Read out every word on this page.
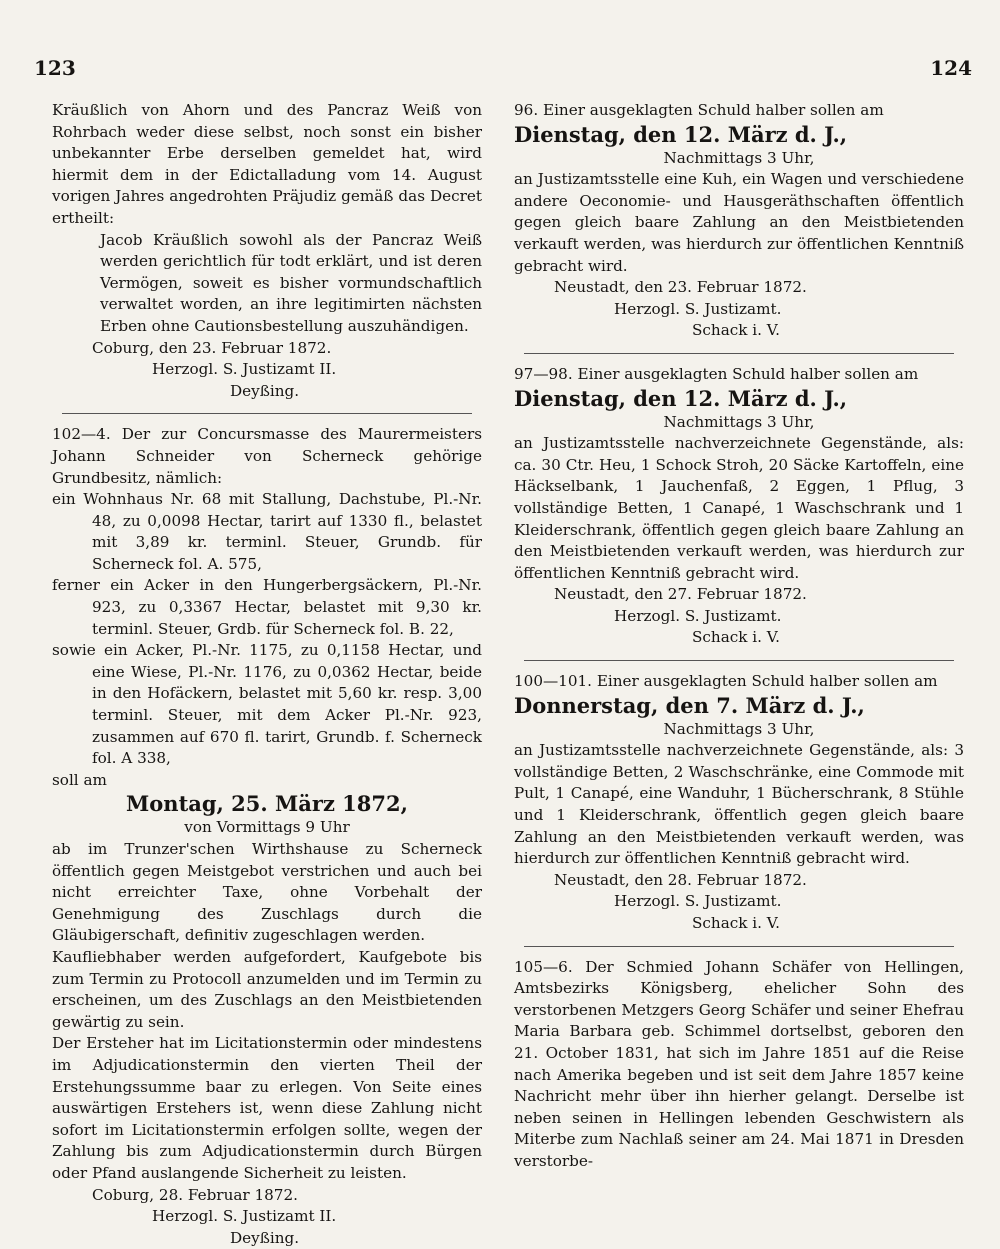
123	124

Kräußlich von Ahorn und des Pancraz Weiß von Rohrbach weder diese selbst, noch sonst ein bisher unbekannter Erbe derselben gemeldet hat, wird hiermit dem in der Edictalladung vom 14. August vorigen Jahres angedrohten Präjudiz gemäß das Decret ertheilt:

Jacob Kräußlich sowohl als der Pancraz Weiß werden gerichtlich für todt erklärt, und ist deren Vermögen, soweit es bisher vormundschaftlich verwaltet worden, an ihre legitimirten nächsten Erben ohne Cautionsbestellung auszuhändigen.

Coburg, den 23. Februar 1872.

Herzogl. S. Justizamt II.

Deyßing.

102—4. Der zur Concursmasse des Maurermeisters Johann Schneider von Scherneck gehörige Grundbesitz, nämlich:

ein Wohnhaus Nr. 68 mit Stallung, Dachstube, Pl.-Nr. 48, zu 0,0098 Hectar, tarirt auf 1330 fl., belastet mit 3,89 kr. terminl. Steuer, Grundb. für Scherneck fol. A. 575,

ferner ein Acker in den Hungerbergsäckern, Pl.-Nr. 923, zu 0,3367 Hectar, belastet mit 9,30 kr. terminl. Steuer, Grdb. für Scherneck fol. B. 22,

sowie ein Acker, Pl.-Nr. 1175, zu 0,1158 Hectar, und eine Wiese, Pl.-Nr. 1176, zu 0,0362 Hectar, beide in den Hofäckern, belastet mit 5,60 kr. resp. 3,00 terminl. Steuer, mit dem Acker Pl.-Nr. 923, zusammen auf 670 fl. tarirt, Grundb. f. Scherneck fol. A 338,

soll am

Montag, 25. März 1872,

von Vormittags 9 Uhr

ab im Trunzer'schen Wirthshause zu Scherneck öffentlich gegen Meistgebot verstrichen und auch bei nicht erreichter Taxe, ohne Vorbehalt der Genehmigung des Zuschlags durch die Gläubigerschaft, definitiv zugeschlagen werden.

Kaufliebhaber werden aufgefordert, Kaufgebote bis zum Termin zu Protocoll anzumelden und im Termin zu erscheinen, um des Zuschlags an den Meistbietenden gewärtig zu sein.

Der Ersteher hat im Licitationstermin oder mindestens im Adjudicationstermin den vierten Theil der Erstehungssumme baar zu erlegen. Von Seite eines auswärtigen Erstehers ist, wenn diese Zahlung nicht sofort im Licitationstermin erfolgen sollte, wegen der Zahlung bis zum Adjudicationstermin durch Bürgen oder Pfand auslangende Sicherheit zu leisten.

Coburg, 28. Februar 1872.

Herzogl. S. Justizamt II.

Deyßing.

96. Einer ausgeklagten Schuld halber sollen am

Dienstag, den 12. März d. J.,

Nachmittags 3 Uhr,

an Justizamtsstelle eine Kuh, ein Wagen und verschiedene andere Oeconomie- und Hausgeräthschaften öffentlich gegen gleich baare Zahlung an den Meistbietenden verkauft werden, was hierdurch zur öffentlichen Kenntniß gebracht wird.

Neustadt, den 23. Februar 1872.

Herzogl. S. Justizamt.

Schack i. V.

97—98. Einer ausgeklagten Schuld halber sollen am

Dienstag, den 12. März d. J.,

Nachmittags 3 Uhr,

an Justizamtsstelle nachverzeichnete Gegenstände, als: ca. 30 Ctr. Heu, 1 Schock Stroh, 20 Säcke Kartoffeln, eine Häckselbank, 1 Jauchenfaß, 2 Eggen, 1 Pflug, 3 vollständige Betten, 1 Canapé, 1 Waschschrank und 1 Kleiderschrank, öffentlich gegen gleich baare Zahlung an den Meistbietenden verkauft werden, was hierdurch zur öffentlichen Kenntniß gebracht wird.

Neustadt, den 27. Februar 1872.

Herzogl. S. Justizamt.

Schack i. V.

100—101. Einer ausgeklagten Schuld halber sollen am

Donnerstag, den 7. März d. J.,

Nachmittags 3 Uhr,

an Justizamtsstelle nachverzeichnete Gegenstände, als: 3 vollständige Betten, 2 Waschschränke, eine Commode mit Pult, 1 Canapé, eine Wanduhr, 1 Bücherschrank, 8 Stühle und 1 Kleiderschrank, öffentlich gegen gleich baare Zahlung an den Meistbietenden verkauft werden, was hierdurch zur öffentlichen Kenntniß gebracht wird.

Neustadt, den 28. Februar 1872.

Herzogl. S. Justizamt.

Schack i. V.

105—6. Der Schmied Johann Schäfer von Hellingen, Amtsbezirks Königsberg, ehelicher Sohn des verstorbenen Metzgers Georg Schäfer und seiner Ehefrau Maria Barbara geb. Schimmel dortselbst, geboren den 21. October 1831, hat sich im Jahre 1851 auf die Reise nach Amerika begeben und ist seit dem Jahre 1857 keine Nachricht mehr über ihn hierher gelangt. Derselbe ist neben seinen in Hellingen lebenden Geschwistern als Miterbe zum Nachlaß seiner am 24. Mai 1871 in Dresden verstorbe-
